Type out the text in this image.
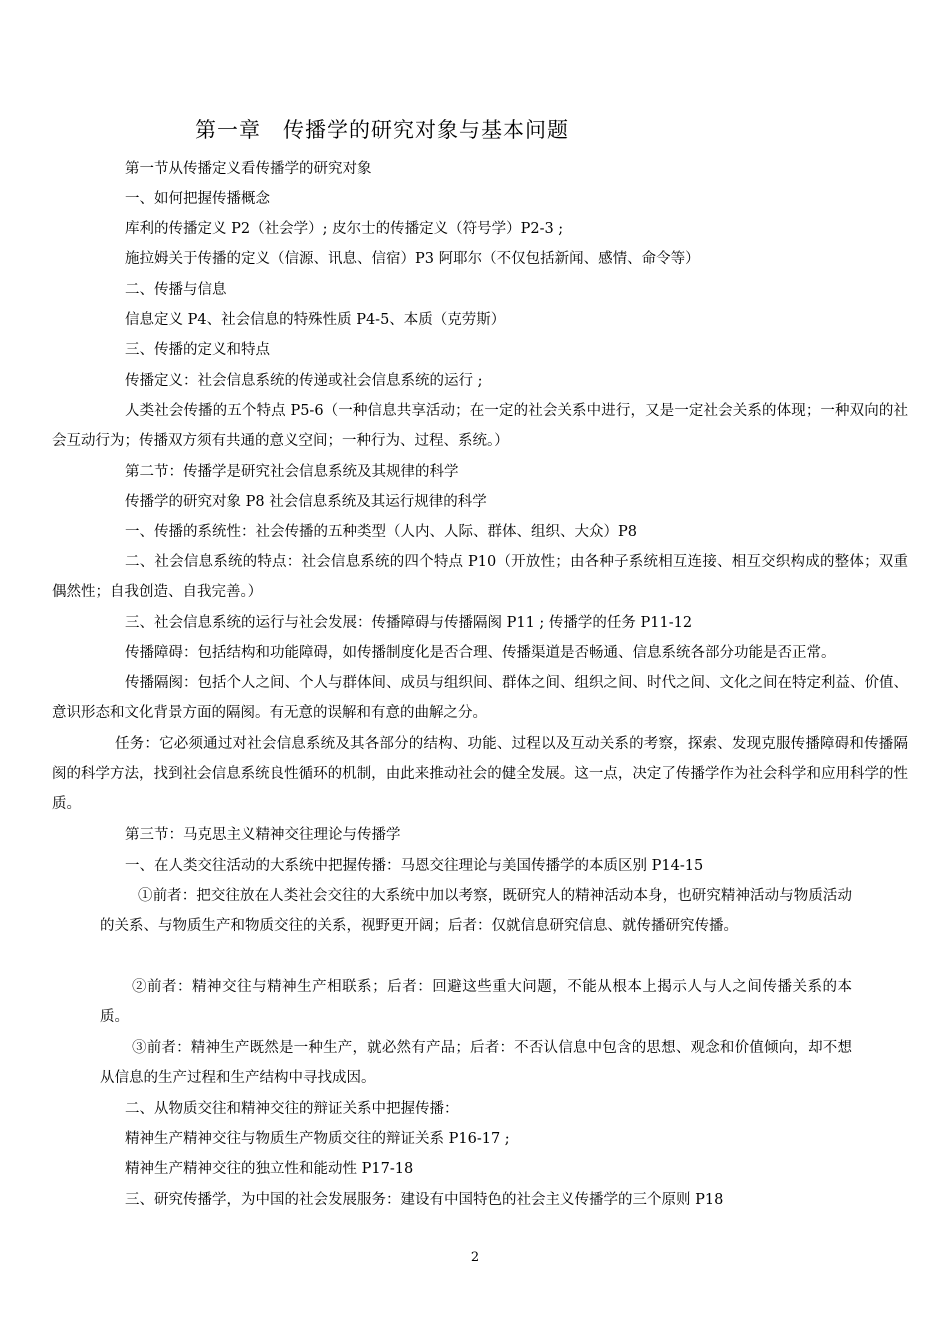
第一章 传播学的研究对象与基本问题
第一节从传播定义看传播学的研究对象
一、如何把握传播概念
库利的传播定义 P2（社会学）; 皮尔士的传播定义（符号学）P2-3 ;
施拉姆关于传播的定义（信源、讯息、信宿）P3 阿耶尔（不仅包括新闻、感情、命令等）
二、传播与信息
信息定义 P4、社会信息的特殊性质 P4-5、本质（克劳斯）
三、传播的定义和特点
传播定义：社会信息系统的传递或社会信息系统的运行 ;
人类社会传播的五个特点 P5-6（一种信息共享活动；在一定的社会关系中进行，又是一定社会关系的体现；一种双向的社会互动行为；传播双方须有共通的意义空间；一种行为、过程、系统。）
第二节：传播学是研究社会信息系统及其规律的科学
传播学的研究对象 P8 社会信息系统及其运行规律的科学
一、传播的系统性：社会传播的五种类型（人内、人际、群体、组织、大众）P8
二、社会信息系统的特点：社会信息系统的四个特点 P10（开放性；由各种子系统相互连接、相互交织构成的整体；双重偶然性；自我创造、自我完善。）
三、社会信息系统的运行与社会发展：传播障碍与传播隔阂 P11 ; 传播学的任务 P11-12
传播障碍：包括结构和功能障碍，如传播制度化是否合理、传播渠道是否畅通、信息系统各部分功能是否正常。
传播隔阂：包括个人之间、个人与群体间、成员与组织间、群体之间、组织之间、时代之间、文化之间在特定利益、价值、意识形态和文化背景方面的隔阂。有无意的误解和有意的曲解之分。
任务：它必须通过对社会信息系统及其各部分的结构、功能、过程以及互动关系的考察，探索、发现克服传播障碍和传播隔阂的科学方法，找到社会信息系统良性循环的机制，由此来推动社会的健全发展。这一点，决定了传播学作为社会科学和应用科学的性质。
第三节：马克思主义精神交往理论与传播学
一、在人类交往活动的大系统中把握传播：马恩交往理论与美国传播学的本质区别 P14-15
①前者：把交往放在人类社会交往的大系统中加以考察，既研究人的精神活动本身，也研究精神活动与物质活动的关系、与物质生产和物质交往的关系，视野更开阔；后者：仅就信息研究信息、就传播研究传播。
②前者：精神交往与精神生产相联系；后者：回避这些重大问题，不能从根本上揭示人与人之间传播关系的本质。
③前者：精神生产既然是一种生产，就必然有产品；后者：不否认信息中包含的思想、观念和价值倾向，却不想从信息的生产过程和生产结构中寻找成因。
二、从物质交往和精神交往的辩证关系中把握传播：
精神生产精神交往与物质生产物质交往的辩证关系 P16-17 ;
精神生产精神交往的独立性和能动性 P17-18
三、研究传播学，为中国的社会发展服务：建设有中国特色的社会主义传播学的三个原则 P18
2
